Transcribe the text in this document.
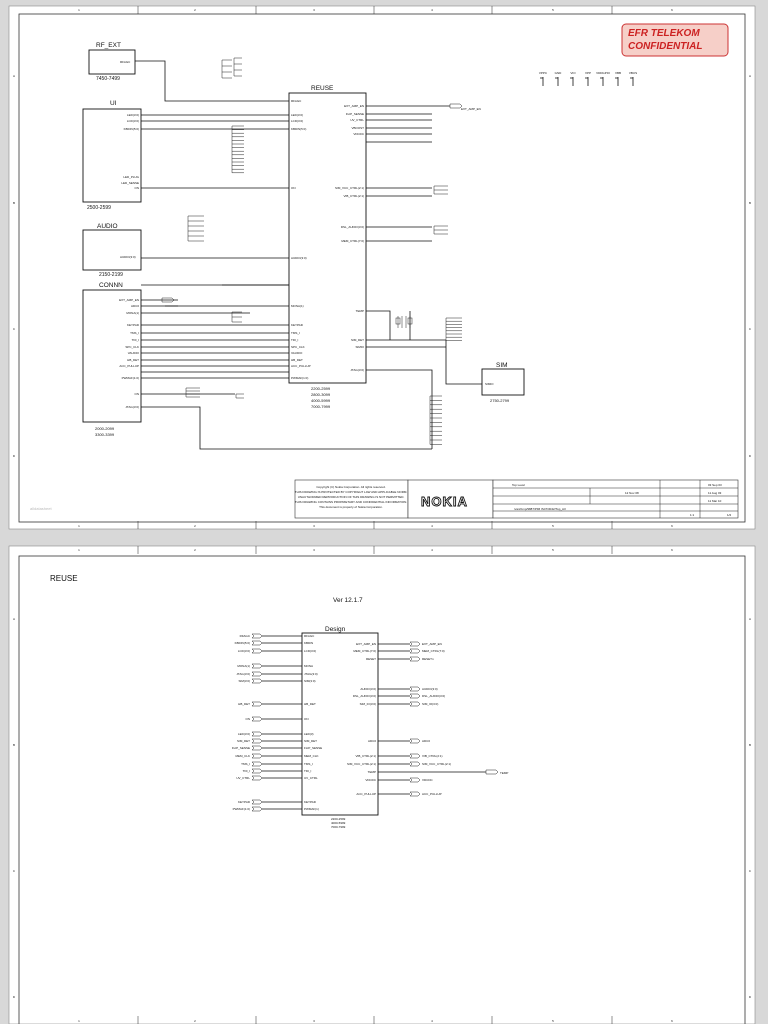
1
1
2
2
3
3
4
4
5
5
6
6
A	A
B	B
C	C
D	D
EFR TELEKOM
CONFIDENTIAL
VPPC	GND	VIO	VPP VDDGPIO VBB	VBUS
RF_EXT
RFAGC
7450-7499
UI
LED(3:0)
LCD(3:0)
KBDIN(5:0)
LED_PLUG
LED_SENSE
ON
2500-2599
AUDIO
AUDIO(3:0)
2150-2199
CONNN
EXT_AMP_EN
ADC0
MONA(1)
KEYPAD
TMS_I
TDI_I
SPC_CLK
VAUDIO
HB_DET
ACC_PULLUP
PWMAF(1:0)
ON
JTAG(3:0)
2000-2099
3300-3399
REUSE
RFAGC
LED(3:0)
LCD(3:0)
KBDIN(5:0)
ON
AUDIO(3:0)
MONA(1)
KEYPAD
TMS_I
TDI_I
SPC_CLK
VAUDIO
HB_DET
ACC_PULLUP
PWMAF(1:0)
EXT_AMP_EN
FLIP_SENSE
UV_CTRL
VBOOST
VDCDC
SIM_VCC_CTRL(2:1)
VIB_CTRL(2:1)
DSL_AUDIO(3:0)
MEM_CTRL(7:0)
TEMP
SIM_DET
SIMIO
JTAG(3:0)
2200-2599
2800-3099
4000-5999
7000-7999
EXT_AMP_EN
SIM
SIMIO
2750-2799
Copyright (C) Nokia Corporation. All rights reserved.
THIS DRAWING IS PROTECTED BY COPYRIGHT LAW AND APPLICABLE NORM.
UNAUTHORIZED REPRODUCTION OF THIS DRAWING IS NOT PERMITTED.
THIS DRAWING CONTAINS PROPRIETARY AND CONFIDENTIAL INFORMATION.
This document is property of Nokia Corporation.	NOKIA
Top Level
/vanrbmp/9887/PIM IS47/3042/Top_A3
12 Nov 08
03 Sep 03
11 Aug 03
11 Mar 10
1:1	1/2
alldatasheet
1
1
2
2
3
3
4
4
5
5
6
6
A	A
B	B
C	C
D	D
REUSE
Ver 12.1.7
Design
RFAGC
KBDIN
LCD(3:0)
MONA
JTAG(3:0)
SIM(3:0)
HB_DET
ON
LED(3)
SIM_DET
FLIP_SENSE
MEM_CLK
TMS_I
TDI_I
UV_CTRL
KEYPAD
PWMAF(1)
EXT_AMP_EN
MEM_CTRL(7:0)
RESET
AUDIO(3:0)
DSL_AUDIO(3:0)
SIM_IO(3:0)
ADC0
VIB_CTRL(2:1)
SIM_VCC_CTRL(2:1)
TEMP
VDCDC
ACC_PULLUP
RFAGC
KBDIN(5:0)
LCD(3:0)
MONA(1)
JTAG(3:0)
SIM(3:0)
HB_DET
ON
LED(3:0)
SIM_DET
FLIP_SENSE
MEM_CLK
TMS_I
TDI_I
UV_CTRL
KEYPAD
PWMAF(1:0)
EXT_AMP_EN
MEM_CTRL(7:0)
RESETn
AUDIO(3:0)
DSL_AUDIO(3:0)
SIM_IO(3:0)
ADC0
VIB_CTRL(2:1)
SIM_VCC_CTRL(2:1)
VDCDC
ACC_PULLUP
2200-2599
4000-5999
7000-7999
TEMP
